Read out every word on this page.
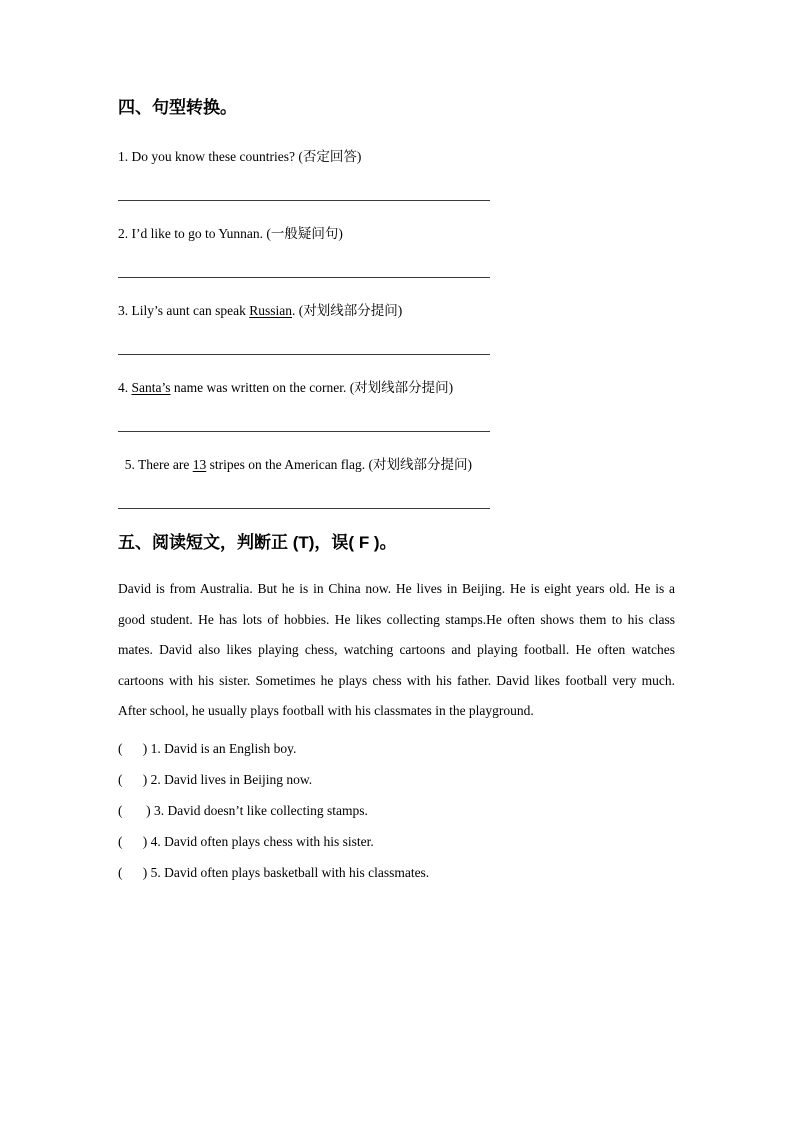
四、句型转换。

1. Do you know these countries? (否定回答)

2. I’d like to go to Yunnan. (一般疑问句)

3. Lily’s aunt can speak Russian. (对划线部分提问)

4. Santa’s name was written on the corner. (对划线部分提问)

5. There are 13 stripes on the American flag. (对划线部分提问)

五、阅读短文，判断正 (T)，误( F )。

David is from Australia. But he is in China now. He lives in Beijing. He is eight years old. He is a good student. He has lots of hobbies. He likes collecting stamps.He often shows them to his class mates. David also likes playing chess, watching cartoons and playing football. He often watches cartoons with his sister. Sometimes he plays chess with his father. David likes football very much. After school, he usually plays football with his classmates in the playground.

(      ) 1. David is an English boy.

(      ) 2. David lives in Beijing now.

(       ) 3. David doesn’t like collecting stamps.

(      ) 4. David often plays chess with his sister.

(      ) 5. David often plays basketball with his classmates.
